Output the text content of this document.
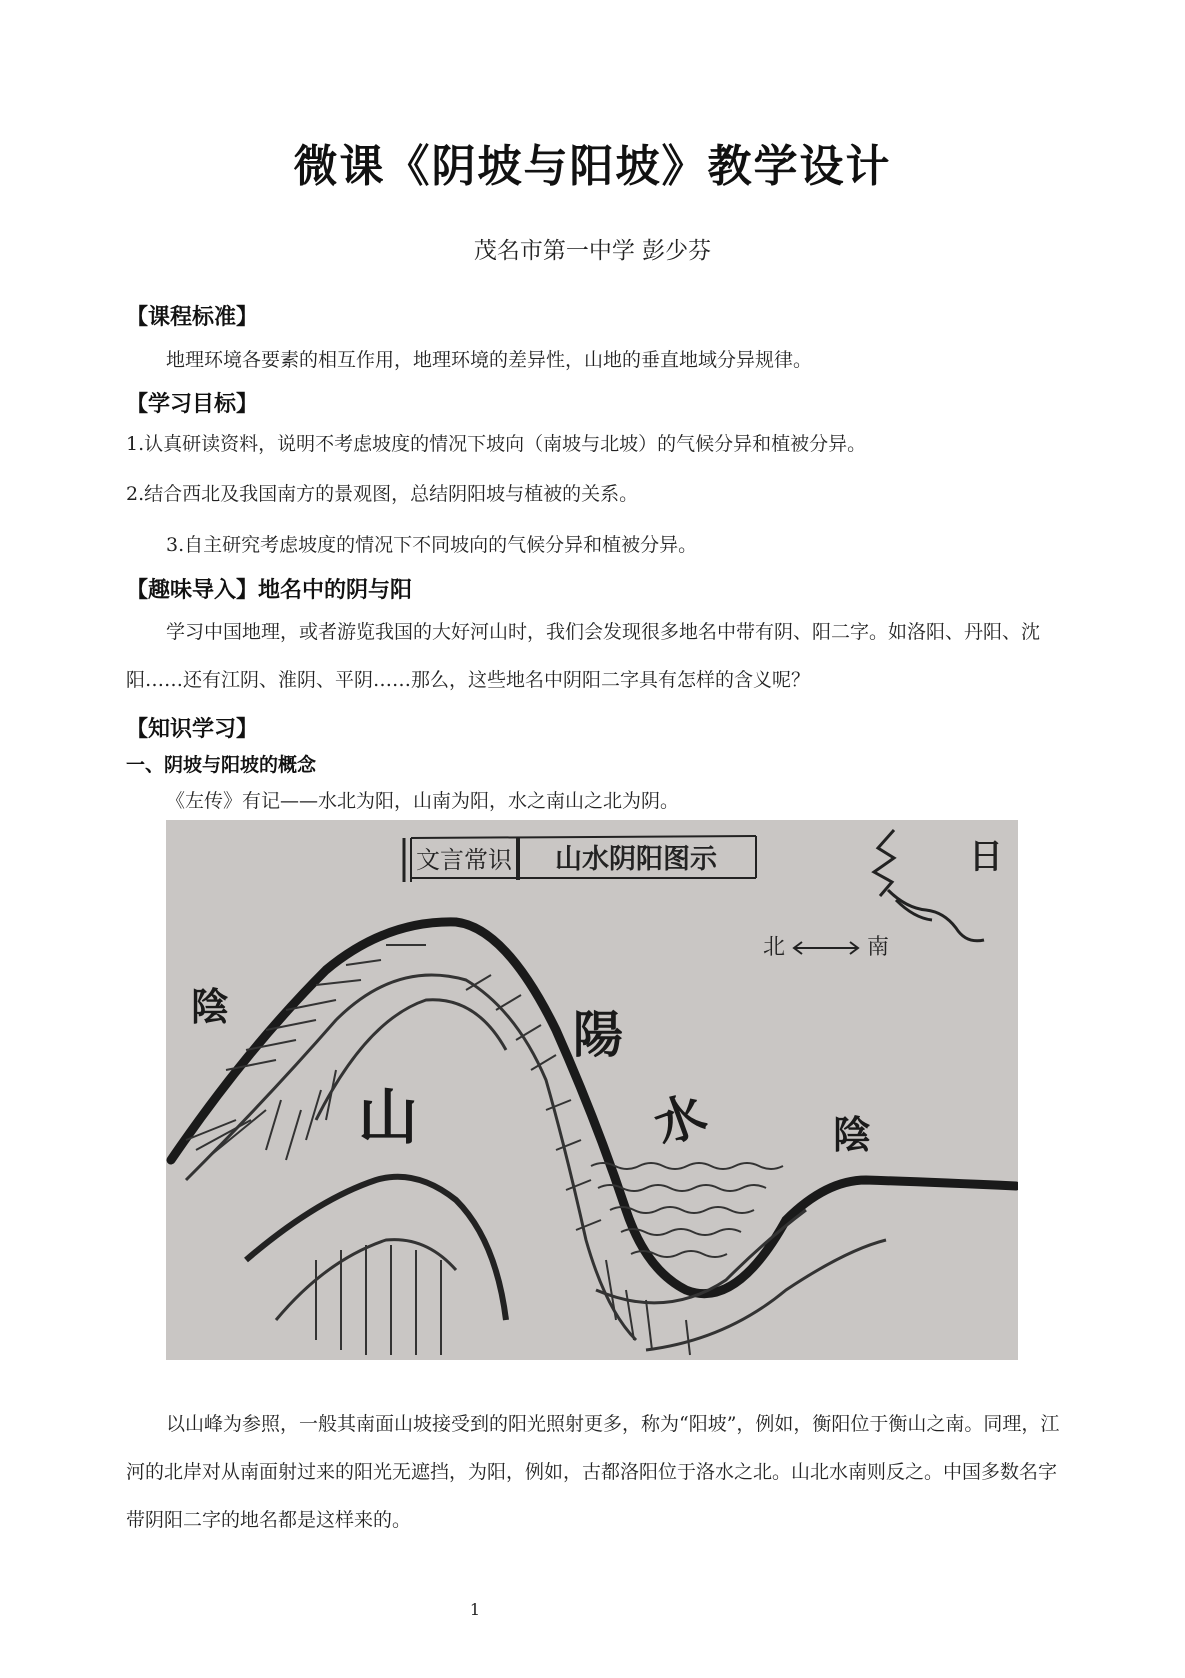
微课《阴坡与阳坡》教学设计
茂名市第一中学 彭少芬
【课程标准】
地理环境各要素的相互作用，地理环境的差异性，山地的垂直地域分异规律。
【学习目标】
1.认真研读资料，说明不考虑坡度的情况下坡向（南坡与北坡）的气候分异和植被分异。
2.结合西北及我国南方的景观图，总结阴阳坡与植被的关系。
3.自主研究考虑坡度的情况下不同坡向的气候分异和植被分异。
【趣味导入】地名中的阴与阳
学习中国地理，或者游览我国的大好河山时，我们会发现很多地名中带有阴、阳二字。如洛阳、丹阳、沈阳……还有江阴、淮阴、平阴……那么，这些地名中阴阳二字具有怎样的含义呢？
【知识学习】
一、阴坡与阳坡的概念
《左传》有记——水北为阳，山南为阳，水之南山之北为阴。
文言常识 山水阴阳图示	日
北	南
陰	陽
山	水	陰
以山峰为参照，一般其南面山坡接受到的阳光照射更多，称为“阳坡”，例如，衡阳位于衡山之南。同理，江河的北岸对从南面射过来的阳光无遮挡，为阳，例如，古都洛阳位于洛水之北。山北水南则反之。中国多数名字带阴阳二字的地名都是这样来的。
1
